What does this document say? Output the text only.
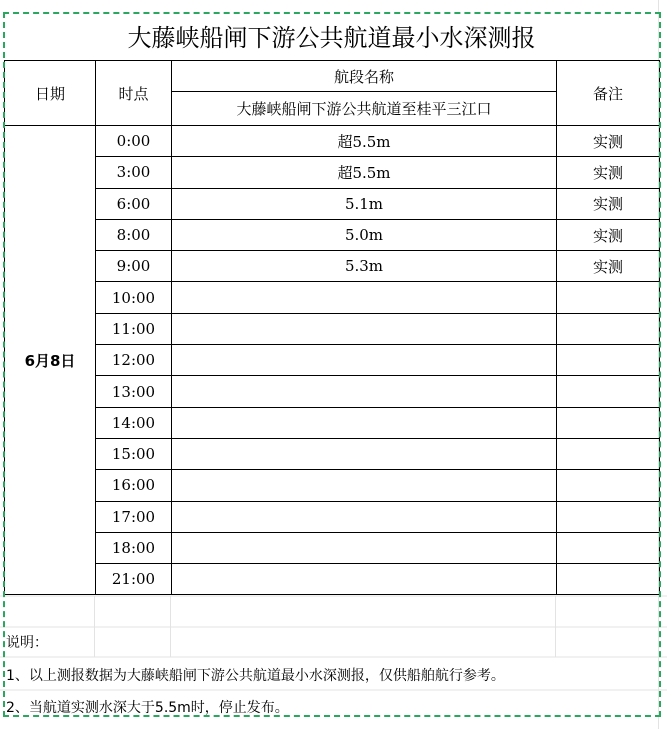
大藤峡船闸下游公共航道最小水深测报
日期	时点	航段名称	备注
		大藤峡船闸下游公共航道至桂平三江口	
6月8日	0:00	超5.5m	实测
	3:00	超5.5m	实测
	6:00	5.1m	实测
	8:00	5.0m	实测
	9:00	5.3m	实测
	10:00		
	11:00		
	12:00		
	13:00		
	14:00		
	15:00		
	16:00		
	17:00		
	18:00		
	21:00		
说明：
1、以上测报数据为大藤峡船闸下游公共航道最小水深测报，仅供船舶航行参考。
2、当航道实测水深大于5.5m时，停止发布。
